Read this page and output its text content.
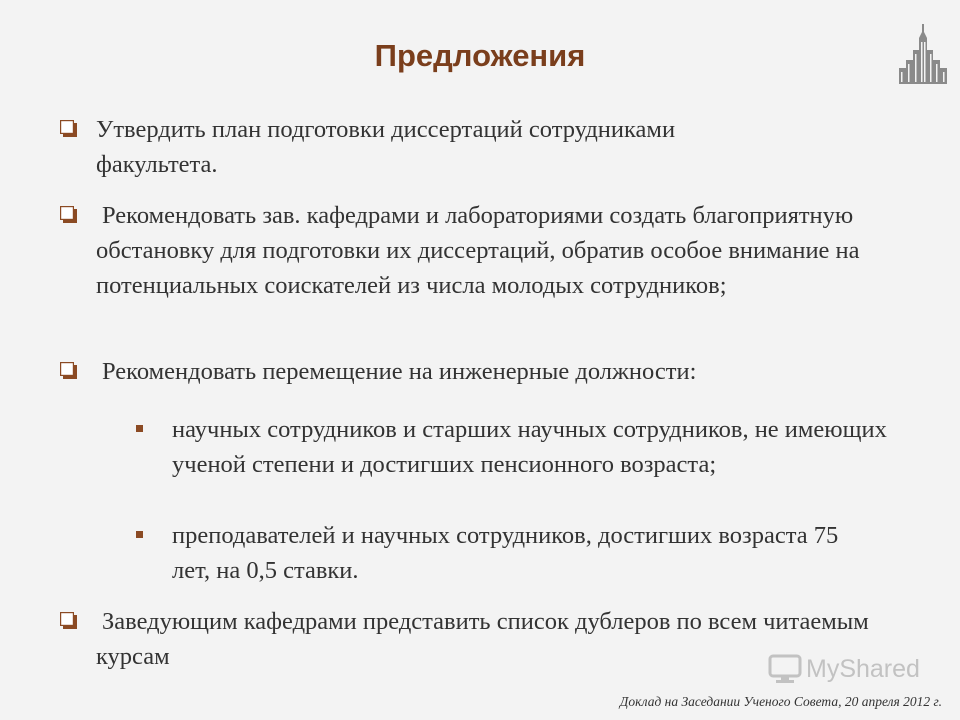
Предложения
Утвердить план подготовки диссертаций сотрудниками факультета.
Рекомендовать зав. кафедрами и лабораториями создать благоприятную обстановку для подготовки их диссертаций, обратив особое внимание на потенциальных соискателей из числа молодых сотрудников;
Рекомендовать перемещение на инженерные должности:
научных сотрудников и старших научных сотрудников, не имеющих ученой степени и достигших пенсионного возраста;
преподавателей и научных сотрудников, достигших возраста 75 лет, на 0,5 ставки.
Заведующим кафедрами представить список дублеров по всем читаемым курсам	MyShared
Доклад на Заседании Ученого Совета, 20 апреля 2012 г.
